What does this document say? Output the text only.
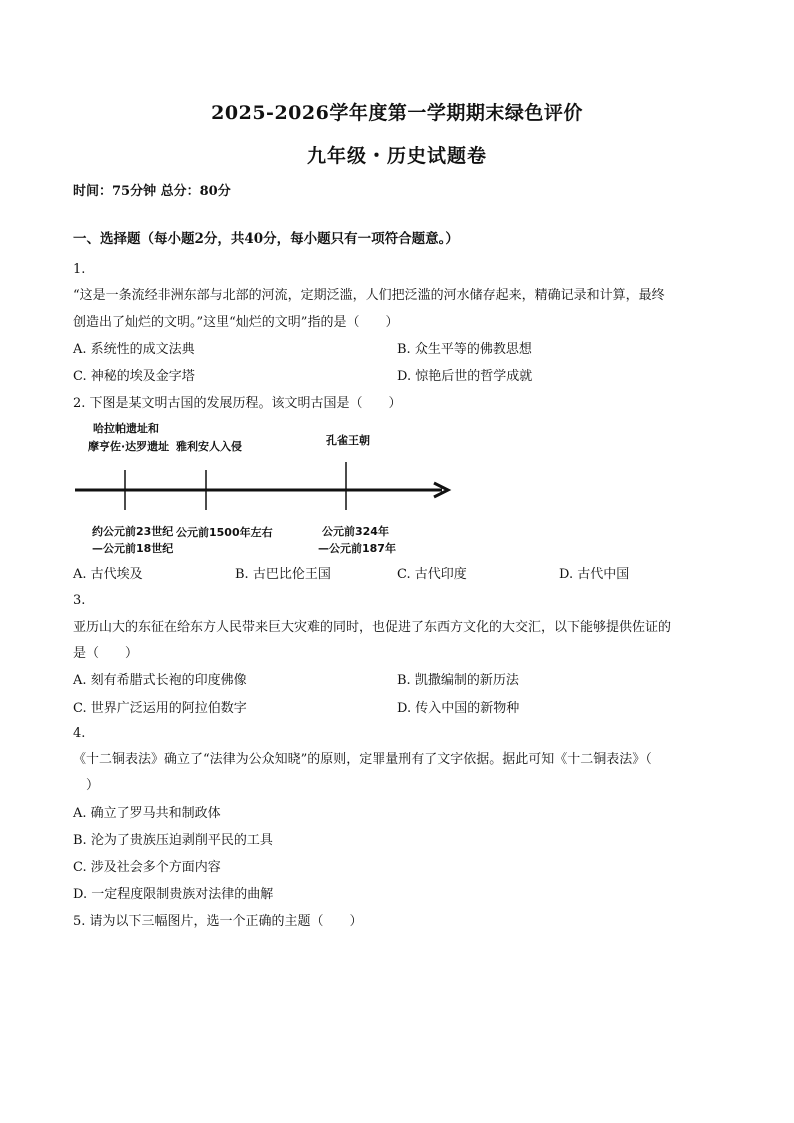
2025-2026学年度第一学期期末绿色评价
九年级・历史试题卷
时间：75分钟 总分：80分
一、选择题（每小题2分，共40分，每小题只有一项符合题意。）
1.
“这是一条流经非洲东部与北部的河流，定期泛滥，人们把泛滥的河水储存起来，精确记录和计算，最终
创造出了灿烂的文明。”这里“灿烂的文明”指的是（　　）
A. 系统性的成文法典	B. 众生平等的佛教思想
C. 神秘的埃及金字塔	D. 惊艳后世的哲学成就
2. 下图是某文明古国的发展历程。该文明古国是（　　）
哈拉帕遗址和
摩亨佐·达罗遗址 雅利安人入侵	孔雀王朝
约公元前23世纪
—公元前18世纪
公元前1500年左右	公元前324年
—公元前187年
A. 古代埃及	B. 古巴比伦王国	C. 古代印度	D. 古代中国
3.
亚历山大的东征在给东方人民带来巨大灾难的同时，也促进了东西方文化的大交汇，以下能够提供佐证的
是（　　）
A. 刻有希腊式长袍的印度佛像	B. 凯撒编制的新历法
C. 世界广泛运用的阿拉伯数字	D. 传入中国的新物种
4.
《十二铜表法》确立了“法律为公众知晓”的原则，定罪量刑有了文字依据。据此可知《十二铜表法》（
）
A. 确立了罗马共和制政体
B. 沦为了贵族压迫剥削平民的工具
C. 涉及社会多个方面内容
D. 一定程度限制贵族对法律的曲解
5. 请为以下三幅图片，选一个正确的主题（　　）
